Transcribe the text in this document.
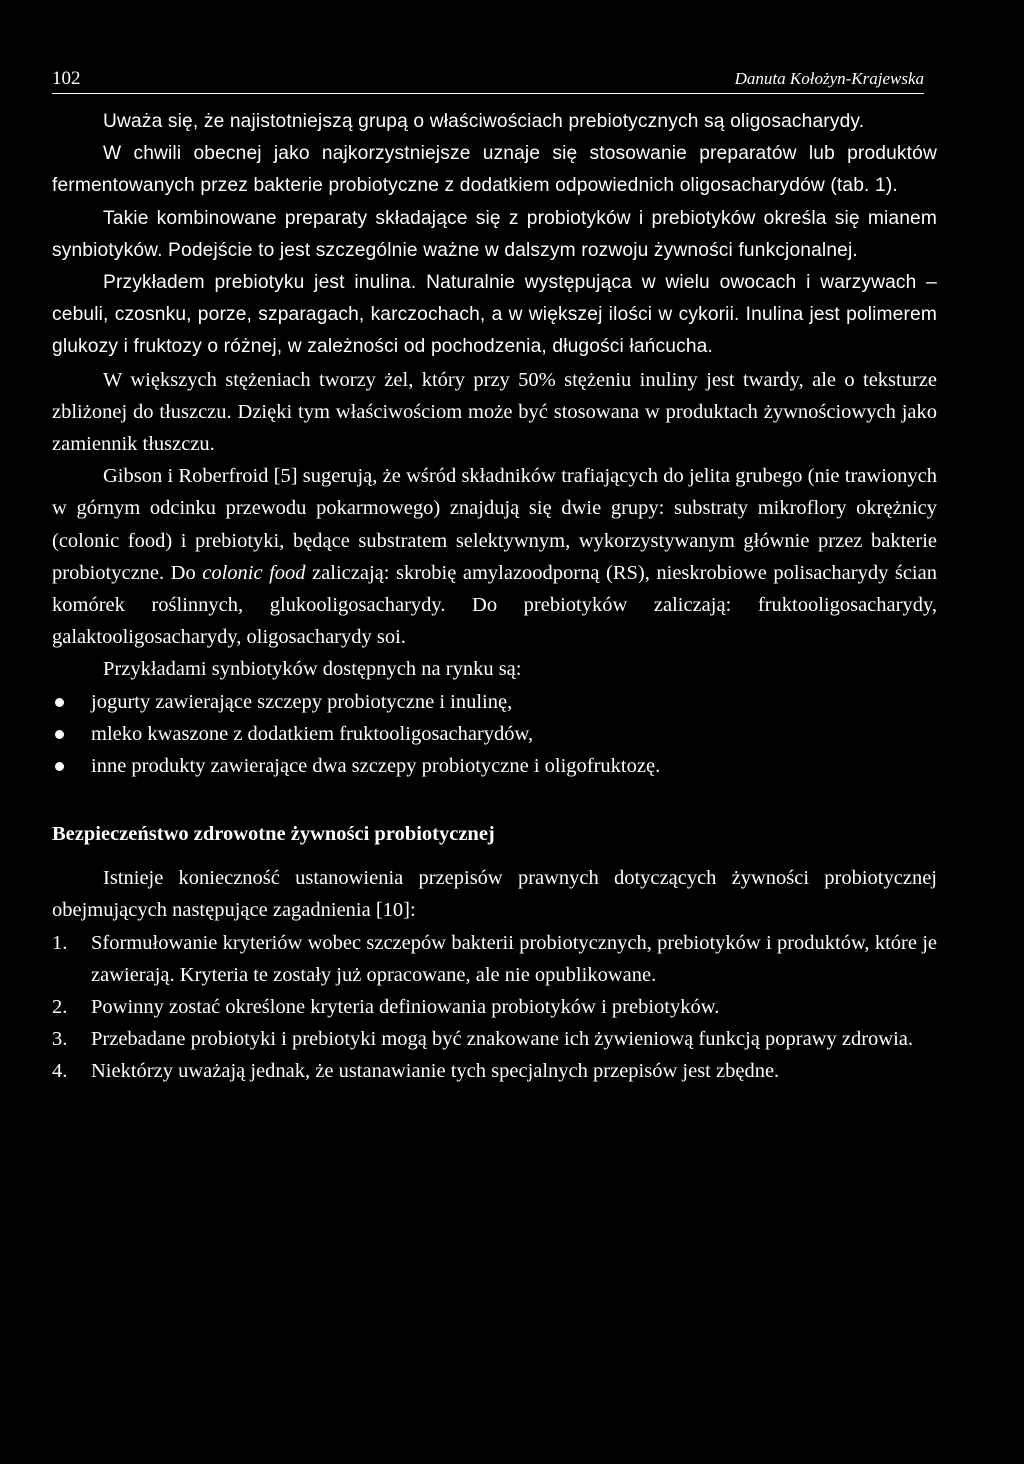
102	Danuta Kołożyn-Krajewska

Uważa się, że najistotniejszą grupą o właściwościach prebiotycznych są oligosacharydy.

W chwili obecnej jako najkorzystniejsze uznaje się stosowanie preparatów lub produktów fermentowanych przez bakterie probiotyczne z dodatkiem odpowiednich oligosacharydów (tab. 1).

Takie kombinowane preparaty składające się z probiotyków i prebiotyków określa się mianem synbiotyków. Podejście to jest szczególnie ważne w dalszym rozwoju żywności funkcjonalnej.

Przykładem prebiotyku jest inulina. Naturalnie występująca w wielu owocach i warzywach – cebuli, czosnku, porze, szparagach, karczochach, a w większej ilości w cykorii. Inulina jest polimerem glukozy i fruktozy o różnej, w zależności od pochodzenia, długości łańcucha.

W większych stężeniach tworzy żel, który przy 50% stężeniu inuliny jest twardy, ale o teksturze zbliżonej do tłuszczu. Dzięki tym właściwościom może być stosowana w produktach żywnościowych jako zamiennik tłuszczu.

Gibson i Roberfroid [5] sugerują, że wśród składników trafiających do jelita grubego (nie trawionych w górnym odcinku przewodu pokarmowego) znajdują się dwie grupy: substraty mikroflory okrężnicy (colonic food) i prebiotyki, będące substratem selektywnym, wykorzystywanym głównie przez bakterie probiotyczne. Do colonic food zaliczają: skrobię amylazoodporną (RS), nieskrobiowe polisacharydy ścian komórek roślinnych, glukooligosacharydy. Do prebiotyków zaliczają: fruktooligosacharydy, galaktooligosacharydy, oligosacharydy soi.

Przykładami synbiotyków dostępnych na rynku są:

jogurty zawierające szczepy probiotyczne i inulinę,
mleko kwaszone z dodatkiem fruktooligosacharydów,
inne produkty zawierające dwa szczepy probiotyczne i oligofruktozę.
Bezpieczeństwo zdrowotne żywności probiotycznej

Istnieje konieczność ustanowienia przepisów prawnych dotyczących żywności probiotycznej obejmujących następujące zagadnienia [10]:

1. Sformułowanie kryteriów wobec szczepów bakterii probiotycznych, prebiotyków i produktów, które je zawierają. Kryteria te zostały już opracowane, ale nie opublikowane.
2. Powinny zostać określone kryteria definiowania probiotyków i prebiotyków.
3. Przebadane probiotyki i prebiotyki mogą być znakowane ich żywieniową funkcją poprawy zdrowia.
4. Niektórzy uważają jednak, że ustanawianie tych specjalnych przepisów jest zbędne.
